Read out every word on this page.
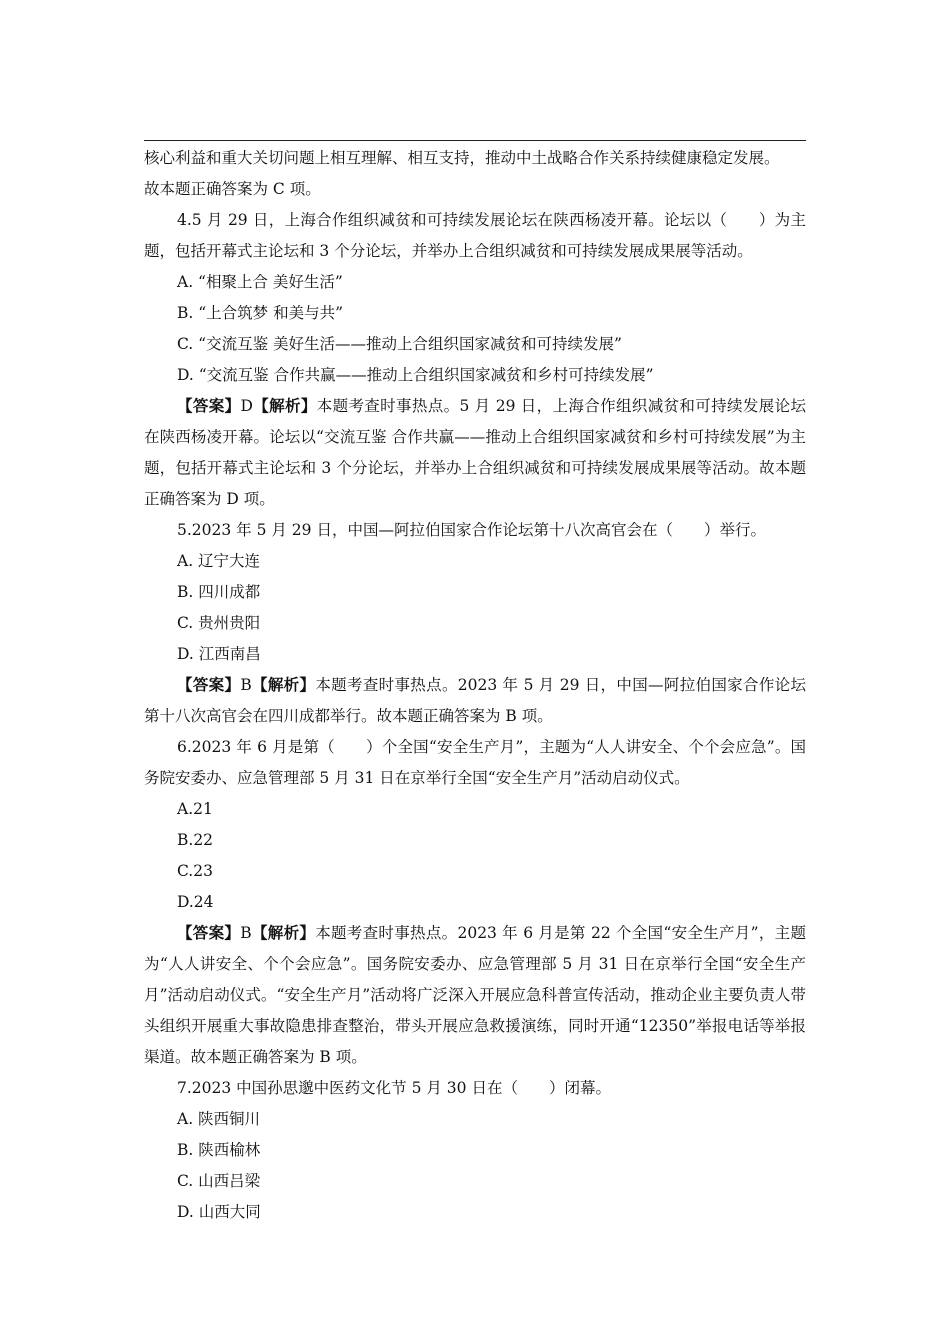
核心利益和重大关切问题上相互理解、相互支持，推动中土战略合作关系持续健康稳定发展。

故本题正确答案为 C 项。

4.5 月 29 日，上海合作组织减贫和可持续发展论坛在陕西杨凌开幕。论坛以（　　）为主题，包括开幕式主论坛和 3 个分论坛，并举办上合组织减贫和可持续发展成果展等活动。

A. “相聚上合 美好生活”

B. “上合筑梦 和美与共”

C. “交流互鉴 美好生活——推动上合组织国家减贫和可持续发展”

D. “交流互鉴 合作共赢——推动上合组织国家减贫和乡村可持续发展”

【答案】D【解析】本题考查时事热点。5 月 29 日，上海合作组织减贫和可持续发展论坛在陕西杨凌开幕。论坛以“交流互鉴 合作共赢——推动上合组织国家减贫和乡村可持续发展”为主题，包括开幕式主论坛和 3 个分论坛，并举办上合组织减贫和可持续发展成果展等活动。故本题正确答案为 D 项。

5.2023 年 5 月 29 日，中国—阿拉伯国家合作论坛第十八次高官会在（　　）举行。

A. 辽宁大连

B. 四川成都

C. 贵州贵阳

D. 江西南昌

【答案】B【解析】本题考查时事热点。2023 年 5 月 29 日，中国—阿拉伯国家合作论坛第十八次高官会在四川成都举行。故本题正确答案为 B 项。

6.2023 年 6 月是第（　　）个全国“安全生产月”，主题为“人人讲安全、个个会应急”。国务院安委办、应急管理部 5 月 31 日在京举行全国“安全生产月”活动启动仪式。

A.21

B.22

C.23

D.24

【答案】B【解析】本题考查时事热点。2023 年 6 月是第 22 个全国“安全生产月”，主题为“人人讲安全、个个会应急”。国务院安委办、应急管理部 5 月 31 日在京举行全国“安全生产月”活动启动仪式。“安全生产月”活动将广泛深入开展应急科普宣传活动，推动企业主要负责人带头组织开展重大事故隐患排查整治，带头开展应急救援演练，同时开通“12350”举报电话等举报渠道。故本题正确答案为 B 项。

7.2023 中国孙思邈中医药文化节 5 月 30 日在（　　）闭幕。

A. 陕西铜川

B. 陕西榆林

C. 山西吕梁

D. 山西大同
